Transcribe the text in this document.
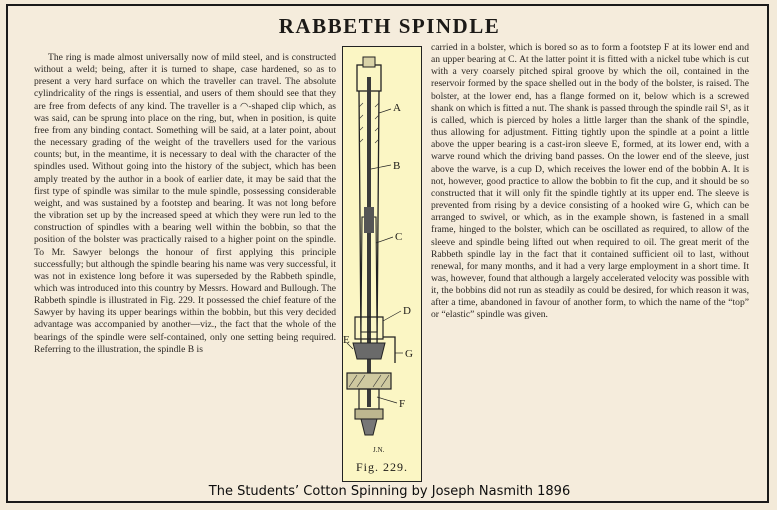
RABBETH SPINDLE

The ring is made almost universally now of mild steel, and is constructed without a weld; being, after it is turned to shape, case hardened, so as to present a very hard surface on which the traveller can travel. The absolute cylindricality of the rings is essential, and users of them should see that they are free from defects of any kind. The traveller is a ◠-shaped clip which, as was said, can be sprung into place on the ring, but, when in position, is quite free from any binding contact. Something will be said, at a later point, about the necessary grading of the weight of the travellers used for the various counts; but, in the meantime, it is necessary to deal with the character of the spindles used. Without going into the history of the subject, which has been amply treated by the author in a book of earlier date, it may be said that the first type of spindle was similar to the mule spindle, possessing considerable weight, and was sustained by a footstep and bearing. It was not long before the vibration set up by the increased speed at which they were run led to the construction of spindles with a bearing well within the bobbin, so that the position of the bolster was practically raised to a higher point on the spindle. To Mr. Sawyer belongs the honour of first applying this principle successfully; but although the spindle bearing his name was very successful, it was not in existence long before it was superseded by the Rabbeth spindle, which was introduced into this country by Messrs. Howard and Bullough. The Rabbeth spindle is illustrated in Fig. 229. It possessed the chief feature of the Sawyer by having its upper bearings within the bobbin, but this very decided advantage was accompanied by another—viz., the fact that the whole of the bearings of the spindle were self-contained, only one setting being required. Referring to the illustration, the spindle B is

A
B
C
D
E
G
F
J.N.
Fig. 229.

carried in a bolster, which is bored so as to form a footstep F at its lower end and an upper bearing at C. At the latter point it is fitted with a nickel tube which is cut with a very coarsely pitched spiral groove by which the oil, contained in the reservoir formed by the space shelled out in the body of the bolster, is raised. The bolster, at the lower end, has a flange formed on it, below which is a screwed shank on which is fitted a nut. The shank is passed through the spindle rail S¹, as it is called, which is pierced by holes a little larger than the shank of the spindle, thus allowing for adjustment. Fitting tightly upon the spindle at a point a little above the upper bearing is a cast-iron sleeve E, formed, at its lower end, with a warve round which the driving band passes. On the lower end of the sleeve, just above the warve, is a cup D, which receives the lower end of the bobbin A. It is not, however, good practice to allow the bobbin to fit the cup, and it should be so constructed that it will only fit the spindle tightly at its upper end. The sleeve is prevented from rising by a device consisting of a hooked wire G, which can be arranged to swivel, or which, as in the example shown, is fastened in a small frame, hinged to the bolster, which can be oscillated as required, to allow of the sleeve and spindle being lifted out when required to oil. The great merit of the Rabbeth spindle lay in the fact that it contained sufficient oil to last, without renewal, for many months, and it had a very large employment in a short time. It was, however, found that although a largely accelerated velocity was possible with it, the bobbins did not run as steadily as could be desired, for which reason it was, after a time, abandoned in favour of another form, to which the name of the “top” or “elastic” spindle was given.

The Students’ Cotton Spinning by Joseph Nasmith 1896
